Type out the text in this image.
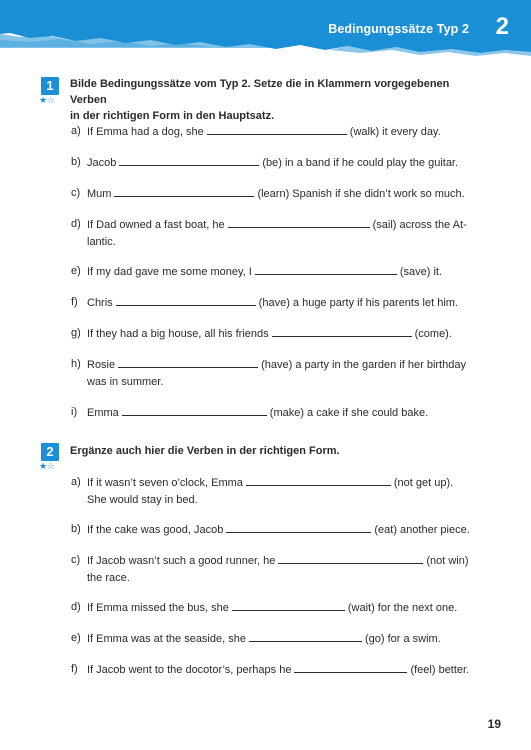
Bedingungssätze Typ 2 2
1
★☆
Bilde Bedingungssätze vom Typ 2. Setze die in Klammern vorgegebenen Verben
in der richtigen Form in den Hauptsatz.
a) If Emma had a dog, she	(walk) it every day.
b) Jacob	(be) in a band if he could play the guitar.
c) Mum	(learn) Spanish if she didn’t work so much.
d) If Dad owned a fast boat, he	(sail) across the At-
lantic.
e) If my dad gave me some money, I	(save) it.
f) Chris	(have) a huge party if his parents let him.
g) If they had a big house, all his friends	(come).
h) Rosie	(have) a party in the garden if her birthday
was in summer.
i) Emma	(make) a cake if she could bake.
2
★☆
Ergänze auch hier die Verben in der richtigen Form.
a) If it wasn’t seven o’clock, Emma	(not get up).
She would stay in bed.
b) If the cake was good, Jacob	(eat) another piece.
c) If Jacob wasn’t such a good runner, he	(not win)
the race.
d) If Emma missed the bus, she	(wait) for the next one.
e) If Emma was at the seaside, she	(go) for a swim.
f) If Jacob went to the docotor’s, perhaps he	(feel) better.
19
